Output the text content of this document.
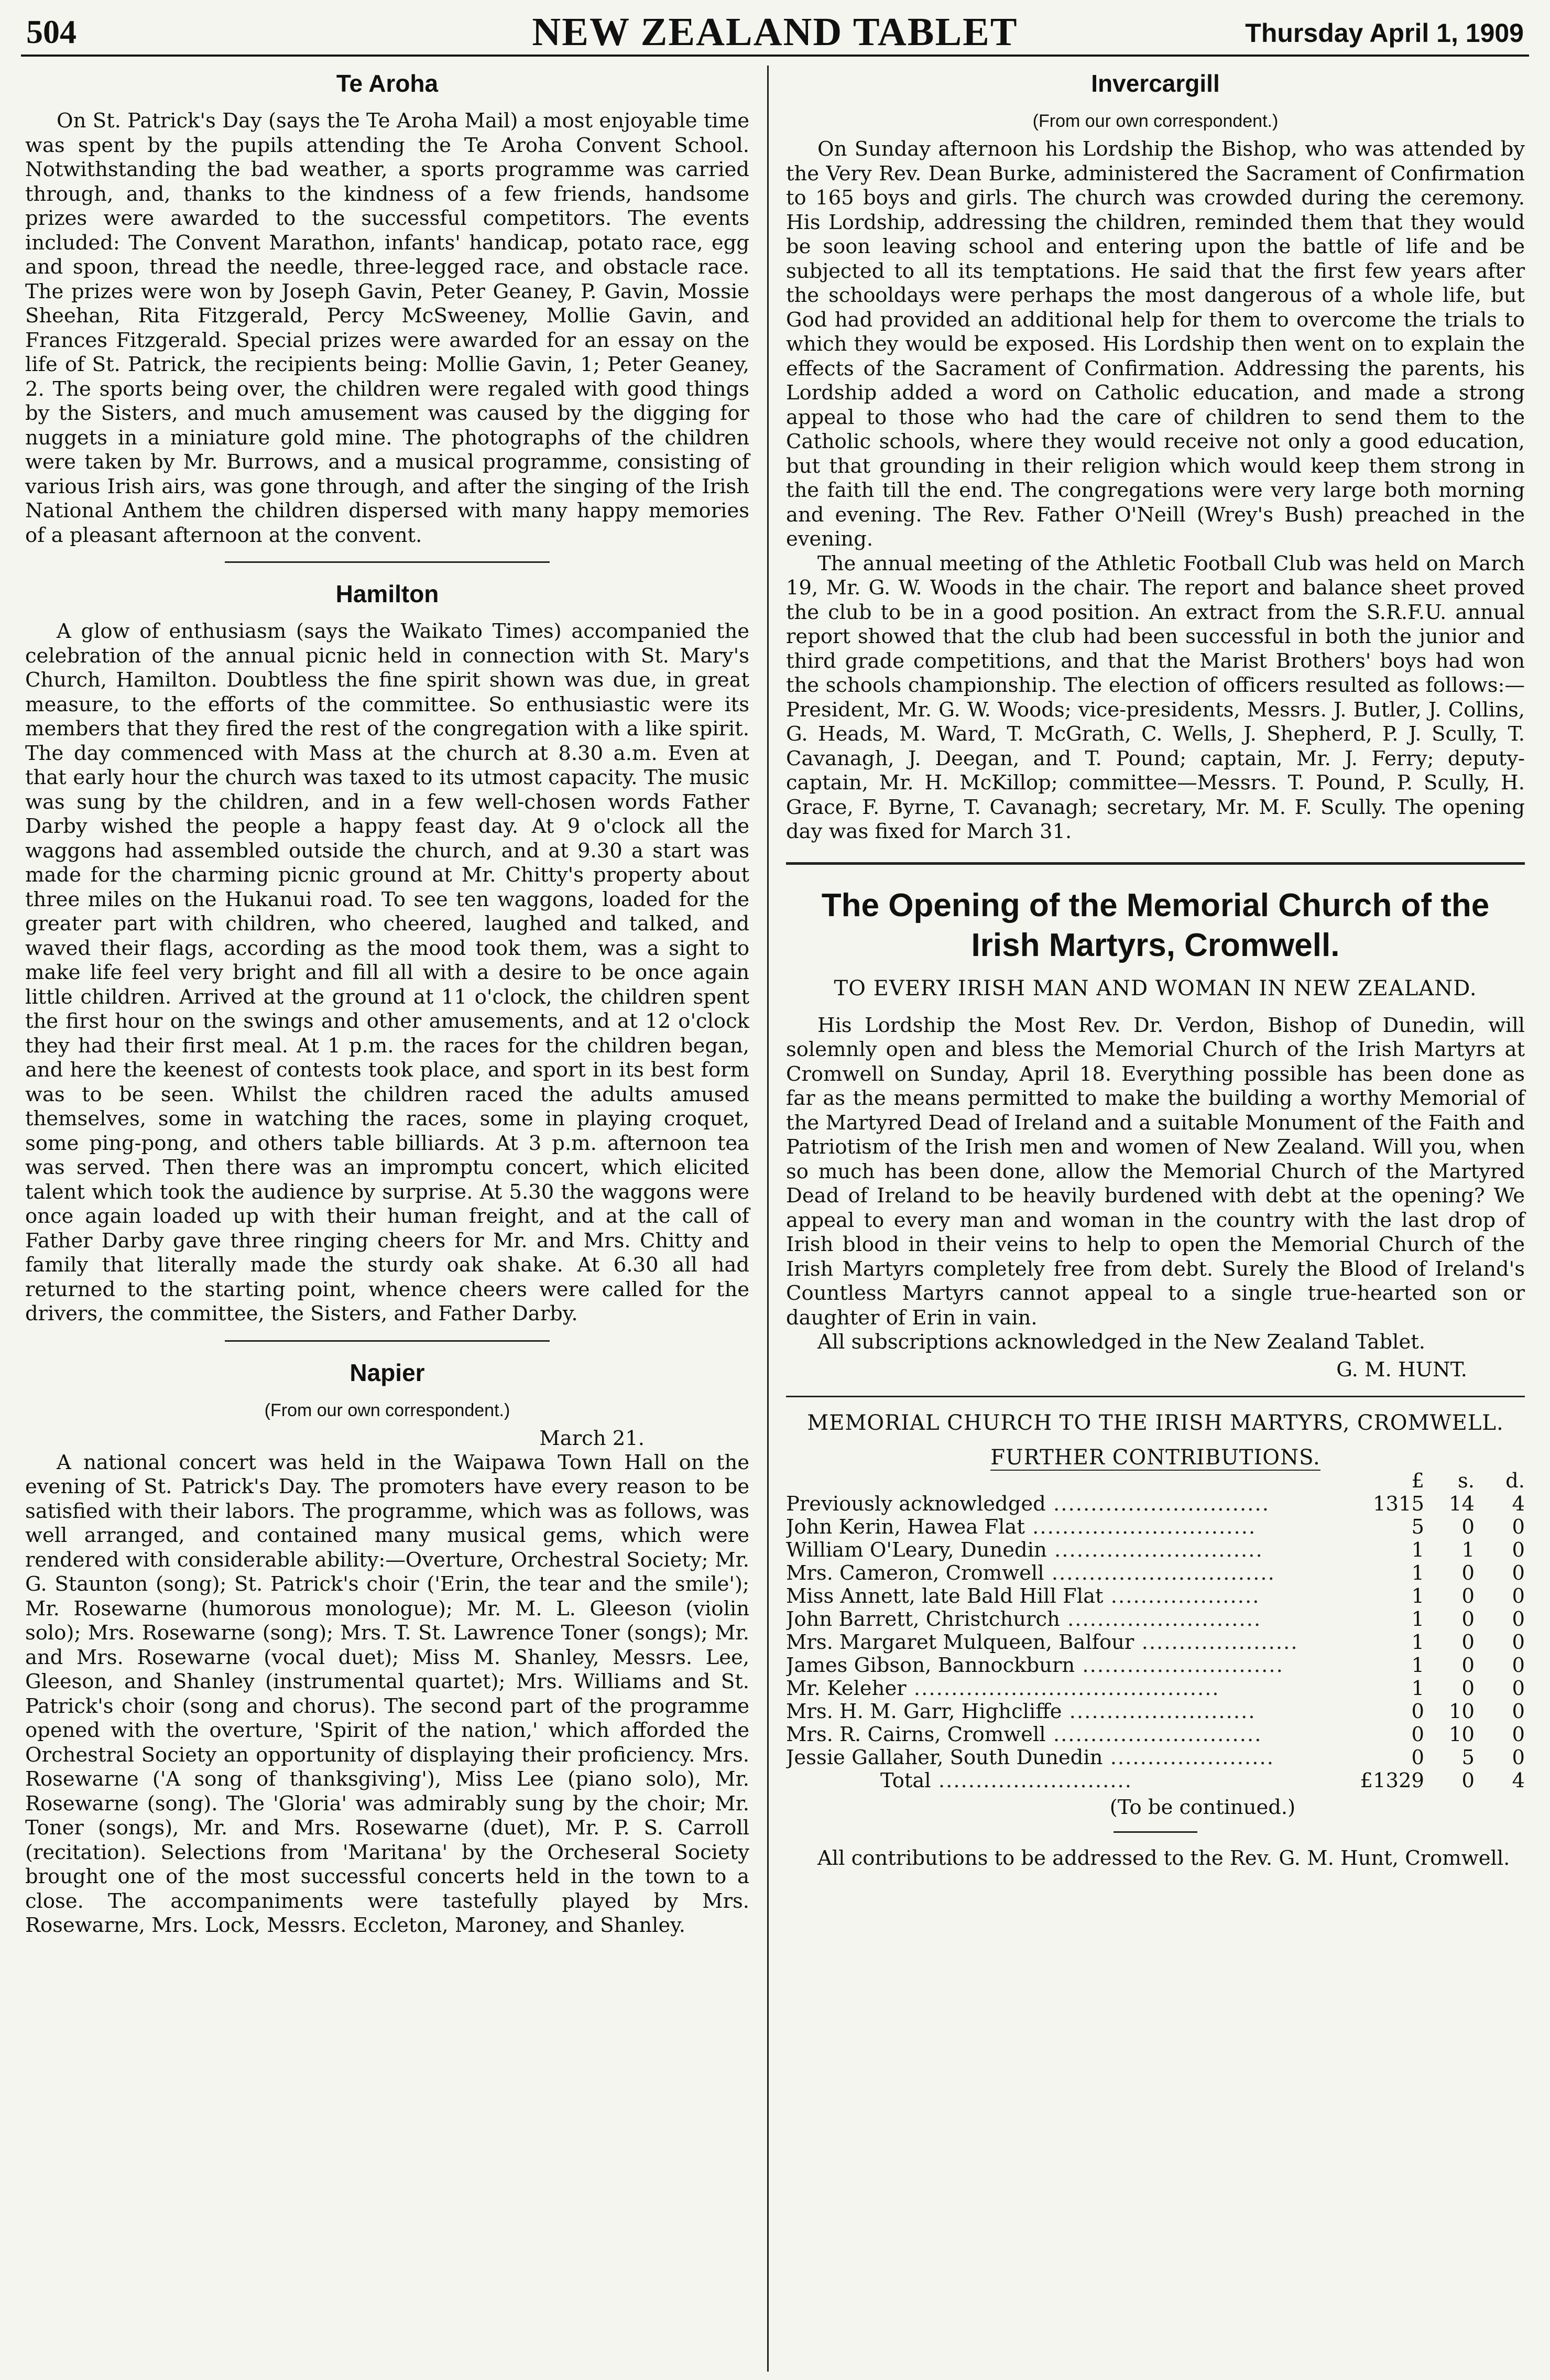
504	NEW ZEALAND TABLET	Thursday April 1, 1909
Te Aroha

On St. Patrick's Day (says the Te Aroha Mail) a most enjoyable time was spent by the pupils attending the Te Aroha Convent School. Notwithstanding the bad weather, a sports programme was carried through, and, thanks to the kindness of a few friends, handsome prizes were awarded to the successful competitors. The events included: The Convent Marathon, infants' handicap, potato race, egg and spoon, thread the needle, three-legged race, and obstacle race. The prizes were won by Joseph Gavin, Peter Geaney, P. Gavin, Mossie Sheehan, Rita Fitzgerald, Percy McSweeney, Mollie Gavin, and Frances Fitzgerald. Special prizes were awarded for an essay on the life of St. Patrick, the recipients being: Mollie Gavin, 1; Peter Geaney, 2. The sports being over, the children were regaled with good things by the Sisters, and much amusement was caused by the digging for nuggets in a miniature gold mine. The photographs of the children were taken by Mr. Burrows, and a musical programme, consisting of various Irish airs, was gone through, and after the singing of the Irish National Anthem the children dispersed with many happy memories of a pleasant afternoon at the convent.

Hamilton

A glow of enthusiasm (says the Waikato Times) accompanied the celebration of the annual picnic held in connection with St. Mary's Church, Hamilton. Doubtless the fine spirit shown was due, in great measure, to the efforts of the committee. So enthusiastic were its members that they fired the rest of the congregation with a like spirit. The day commenced with Mass at the church at 8.30 a.m. Even at that early hour the church was taxed to its utmost capacity. The music was sung by the children, and in a few well-chosen words Father Darby wished the people a happy feast day. At 9 o'clock all the waggons had assembled outside the church, and at 9.30 a start was made for the charming picnic ground at Mr. Chitty's property about three miles on the Hukanui road. To see ten waggons, loaded for the greater part with children, who cheered, laughed and talked, and waved their flags, according as the mood took them, was a sight to make life feel very bright and fill all with a desire to be once again little children. Arrived at the ground at 11 o'clock, the children spent the first hour on the swings and other amusements, and at 12 o'clock they had their first meal. At 1 p.m. the races for the children began, and here the keenest of contests took place, and sport in its best form was to be seen. Whilst the children raced the adults amused themselves, some in watching the races, some in playing croquet, some ping-pong, and others table billiards. At 3 p.m. afternoon tea was served. Then there was an impromptu concert, which elicited talent which took the audience by surprise. At 5.30 the waggons were once again loaded up with their human freight, and at the call of Father Darby gave three ringing cheers for Mr. and Mrs. Chitty and family that literally made the sturdy oak shake. At 6.30 all had returned to the starting point, whence cheers were called for the drivers, the committee, the Sisters, and Father Darby.

Napier
(From our own correspondent.)
March 21.

A national concert was held in the Waipawa Town Hall on the evening of St. Patrick's Day. The promoters have every reason to be satisfied with their labors. The programme, which was as follows, was well arranged, and contained many musical gems, which were rendered with considerable ability:—Overture, Orchestral Society; Mr. G. Staunton (song); St. Patrick's choir ('Erin, the tear and the smile'); Mr. Rosewarne (humorous monologue); Mr. M. L. Gleeson (violin solo); Mrs. Rosewarne (song); Mrs. T. St. Lawrence Toner (songs); Mr. and Mrs. Rosewarne (vocal duet); Miss M. Shanley, Messrs. Lee, Gleeson, and Shanley (instrumental quartet); Mrs. Williams and St. Patrick's choir (song and chorus). The second part of the programme opened with the overture, 'Spirit of the nation,' which afforded the Orchestral Society an opportunity of displaying their proficiency. Mrs. Rosewarne ('A song of thanksgiving'), Miss Lee (piano solo), Mr. Rosewarne (song). The 'Gloria' was admirably sung by the choir; Mr. Toner (songs), Mr. and Mrs. Rosewarne (duet), Mr. P. S. Carroll (recitation). Selections from 'Maritana' by the Orcheseral Society brought one of the most successful concerts held in the town to a close. The accompaniments were tastefully played by Mrs. Rosewarne, Mrs. Lock, Messrs. Eccleton, Maroney, and Shanley.

Invercargill
(From our own correspondent.)

On Sunday afternoon his Lordship the Bishop, who was attended by the Very Rev. Dean Burke, administered the Sacrament of Confirmation to 165 boys and girls. The church was crowded during the ceremony. His Lordship, addressing the children, reminded them that they would be soon leaving school and entering upon the battle of life and be subjected to all its temptations. He said that the first few years after the schooldays were perhaps the most dangerous of a whole life, but God had provided an additional help for them to overcome the trials to which they would be exposed. His Lordship then went on to explain the effects of the Sacrament of Confirmation. Addressing the parents, his Lordship added a word on Catholic education, and made a strong appeal to those who had the care of children to send them to the Catholic schools, where they would receive not only a good education, but that grounding in their religion which would keep them strong in the faith till the end. The congregations were very large both morning and evening. The Rev. Father O'Neill (Wrey's Bush) preached in the evening.

The annual meeting of the Athletic Football Club was held on March 19, Mr. G. W. Woods in the chair. The report and balance sheet proved the club to be in a good position. An extract from the S.R.F.U. annual report showed that the club had been successful in both the junior and third grade competitions, and that the Marist Brothers' boys had won the schools championship. The election of officers resulted as follows:—President, Mr. G. W. Woods; vice-presidents, Messrs. J. Butler, J. Collins, G. Heads, M. Ward, T. McGrath, C. Wells, J. Shepherd, P. J. Scully, T. Cavanagh, J. Deegan, and T. Pound; captain, Mr. J. Ferry; deputy-captain, Mr. H. McKillop; committee—Messrs. T. Pound, P. Scully, H. Grace, F. Byrne, T. Cavanagh; secretary, Mr. M. F. Scully. The opening day was fixed for March 31.

The Opening of the Memorial Church of the Irish Martyrs, Cromwell.
TO EVERY IRISH MAN AND WOMAN IN NEW ZEALAND.

His Lordship the Most Rev. Dr. Verdon, Bishop of Dunedin, will solemnly open and bless the Memorial Church of the Irish Martyrs at Cromwell on Sunday, April 18. Everything possible has been done as far as the means permitted to make the building a worthy Memorial of the Martyred Dead of Ireland and a suitable Monument of the Faith and Patriotism of the Irish men and women of New Zealand. Will you, when so much has been done, allow the Memorial Church of the Martyred Dead of Ireland to be heavily burdened with debt at the opening? We appeal to every man and woman in the country with the last drop of Irish blood in their veins to help to open the Memorial Church of the Irish Martyrs completely free from debt. Surely the Blood of Ireland's Countless Martyrs cannot appeal to a single true-hearted son or daughter of Erin in vain.

All subscriptions acknowledged in the New Zealand Tablet.

G. M. HUNT.
MEMORIAL CHURCH TO THE IRISH MARTYRS, CROMWELL.
FURTHER CONTRIBUTIONS.
	£	s.	d.
Previously acknowledged .............................	1315	14	4
John Kerin, Hawea Flat ..............................	5	0	0
William O'Leary, Dunedin ............................	1	1	0
Mrs. Cameron, Cromwell ..............................	1	0	0
Miss Annett, late Bald Hill Flat ....................	1	0	0
John Barrett, Christchurch ..........................	1	0	0
Mrs. Margaret Mulqueen, Balfour .....................	1	0	0
James Gibson, Bannockburn ...........................	1	0	0
Mr. Keleher .........................................	1	0	0
Mrs. H. M. Garr, Highcliffe .........................	0	10	0
Mrs. R. Cairns, Cromwell ............................	0	10	0
Jessie Gallaher, South Dunedin ......................	0	5	0
Total ..........................	£1329	0	4
(To be continued.)

All contributions to be addressed to the Rev. G. M. Hunt, Cromwell.
